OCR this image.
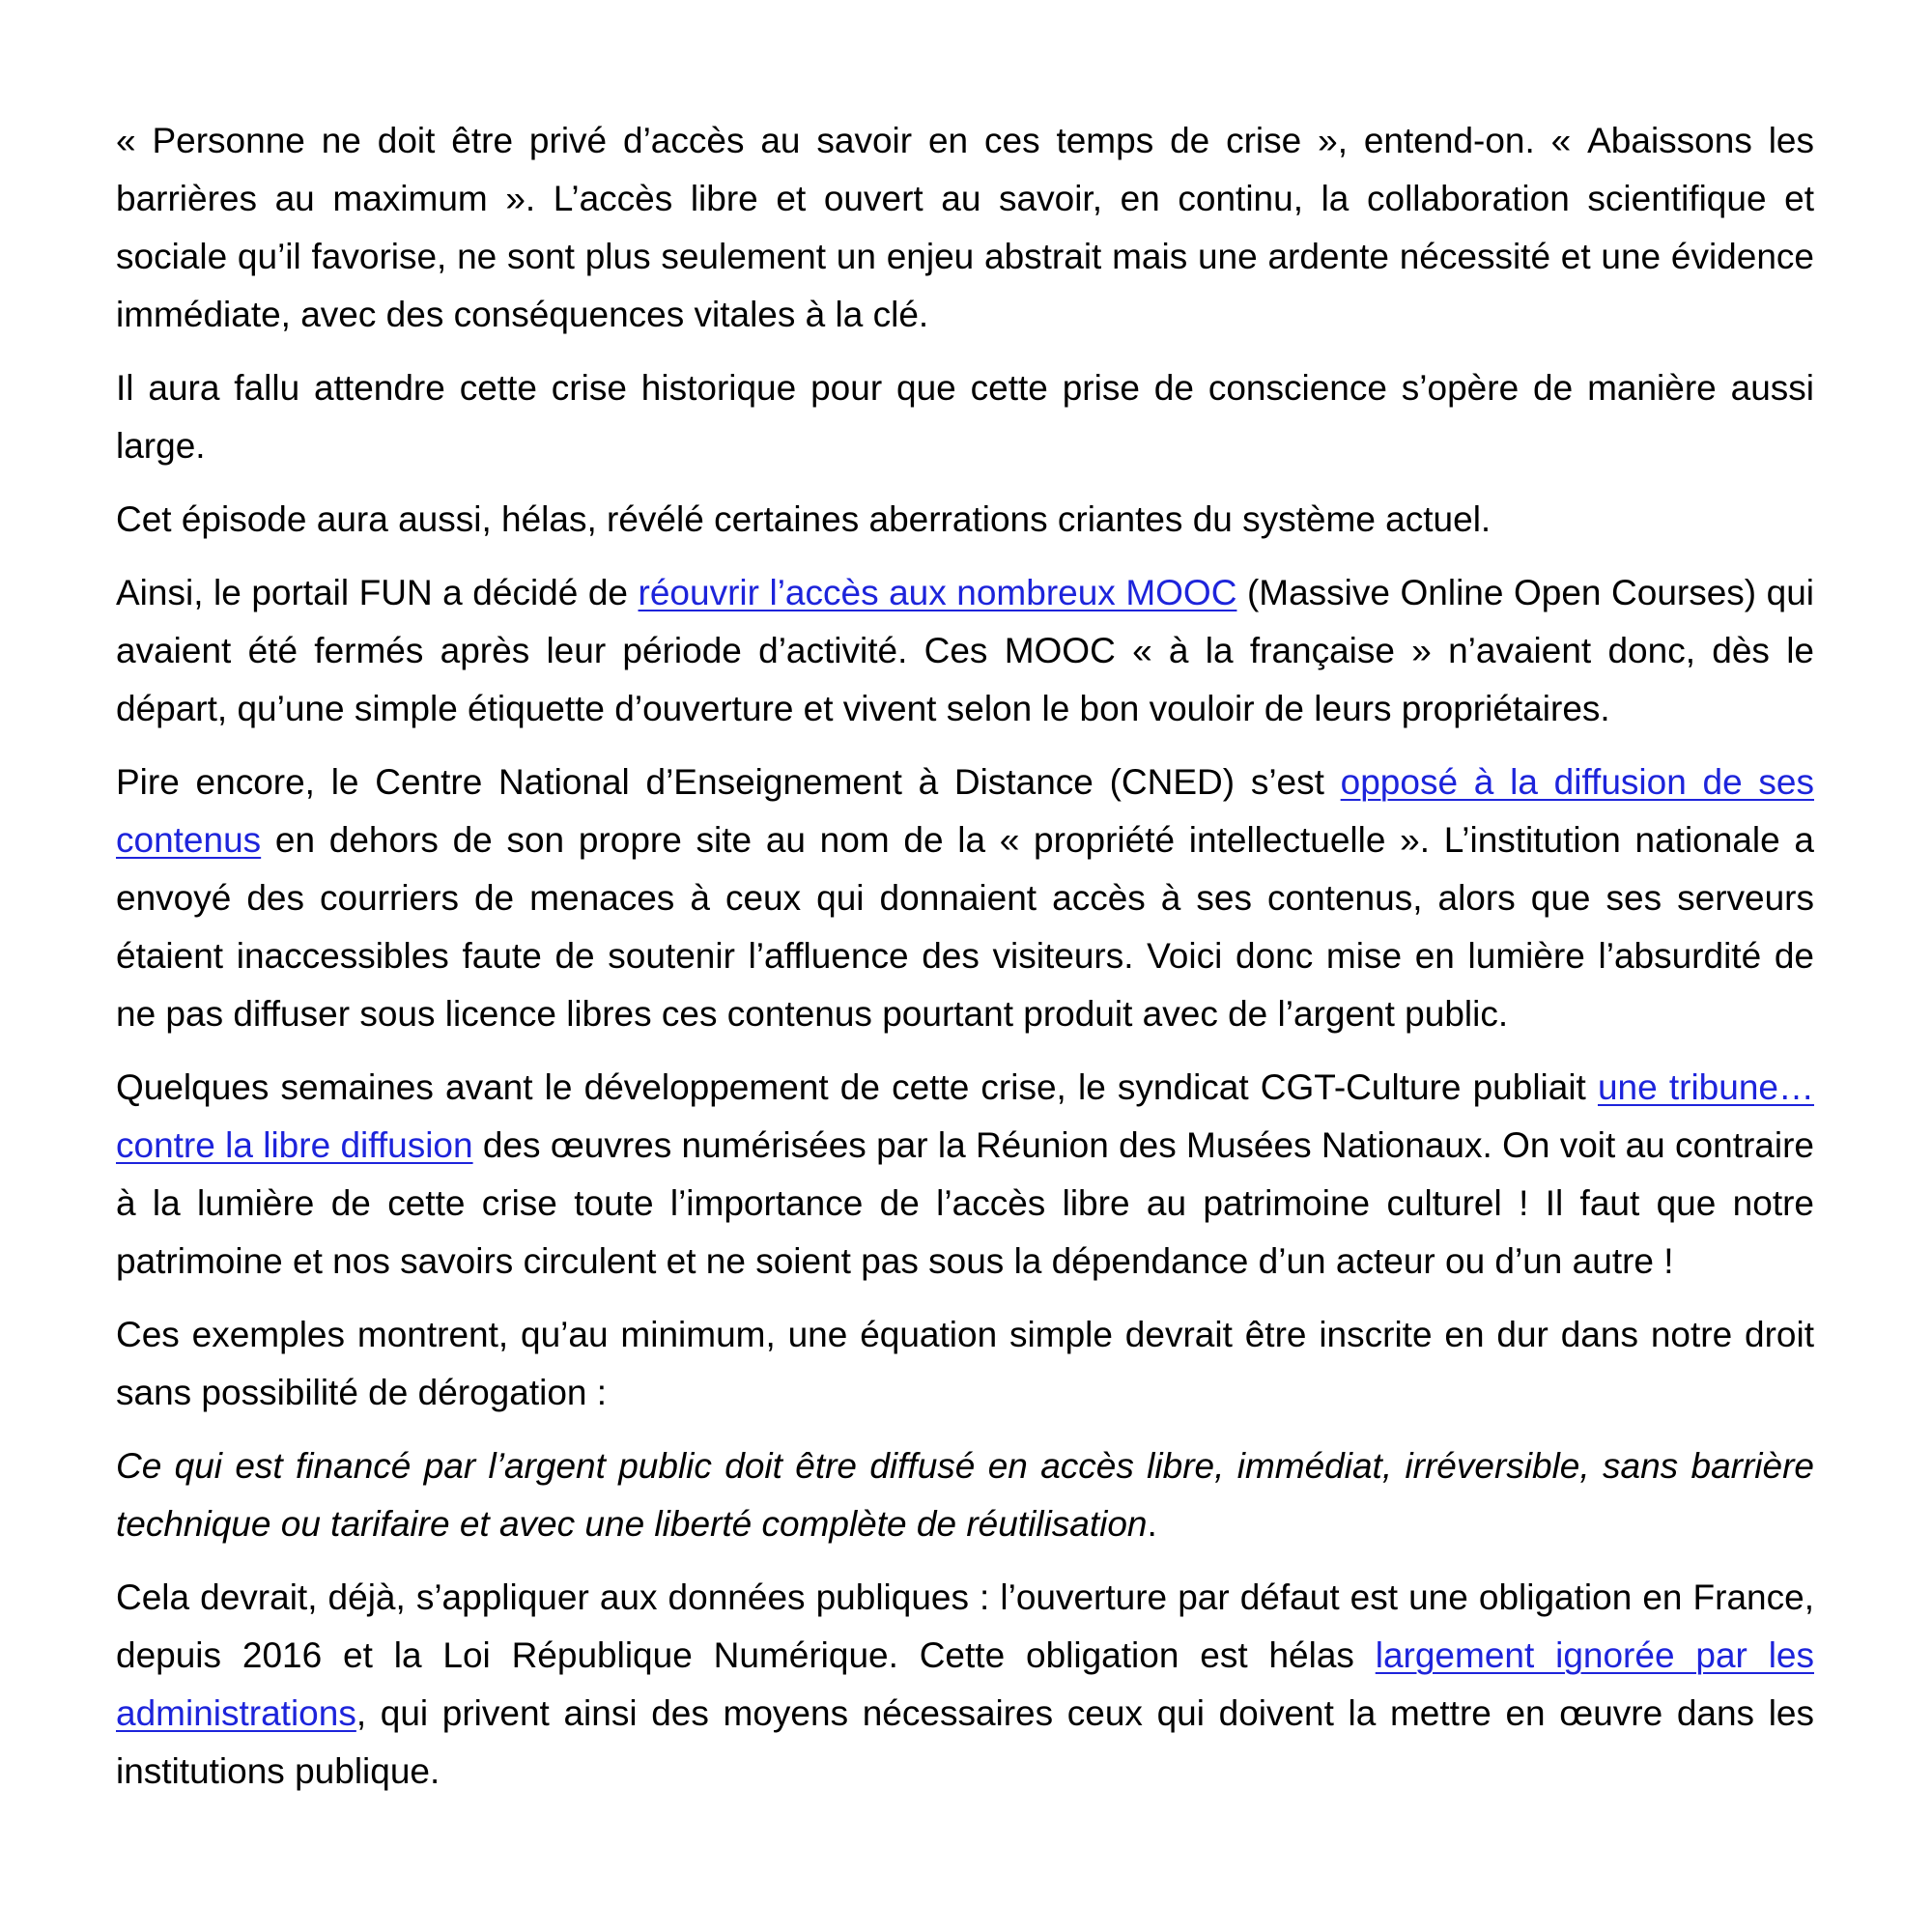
« Personne ne doit être privé d’accès au savoir en ces temps de crise », entend-on. « Abaissons les barrières au maximum ». L’accès libre et ouvert au savoir, en continu, la collaboration scientifique et sociale qu’il favorise, ne sont plus seulement un enjeu abstrait mais une ardente nécessité et une évidence immédiate, avec des conséquences vitales à la clé.

Il aura fallu attendre cette crise historique pour que cette prise de conscience s’opère de manière aussi large.

Cet épisode aura aussi, hélas, révélé certaines aberrations criantes du système actuel.

Ainsi, le portail FUN a décidé de réouvrir l’accès aux nombreux MOOC (Massive Online Open Courses) qui avaient été fermés après leur période d’activité. Ces MOOC « à la française » n’avaient donc, dès le départ, qu’une simple étiquette d’ouverture et vivent selon le bon vouloir de leurs propriétaires.

Pire encore, le Centre National d’Enseignement à Distance (CNED) s’est opposé à la diffusion de ses contenus en dehors de son propre site au nom de la « propriété intellectuelle ». L’institution nationale a envoyé des courriers de menaces à ceux qui donnaient accès à ses contenus, alors que ses serveurs étaient inaccessibles faute de soutenir l’affluence des visiteurs. Voici donc mise en lumière l’absurdité de ne pas diffuser sous licence libres ces contenus pourtant produit avec de l’argent public.

Quelques semaines avant le développement de cette crise, le syndicat CGT-Culture publiait une tribune… contre la libre diffusion des œuvres numérisées par la Réunion des Musées Nationaux. On voit au contraire à la lumière de cette crise toute l’importance de l’accès libre au patrimoine culturel ! Il faut que notre patrimoine et nos savoirs circulent et ne soient pas sous la dépendance d’un acteur ou d’un autre !

Ces exemples montrent, qu’au minimum, une équation simple devrait être inscrite en dur dans notre droit sans possibilité de dérogation :

Ce qui est financé par l’argent public doit être diffusé en accès libre, immédiat, irréversible, sans barrière technique ou tarifaire et avec une liberté complète de réutilisation.

Cela devrait, déjà, s’appliquer aux données publiques : l’ouverture par défaut est une obligation en France, depuis 2016 et la Loi République Numérique. Cette obligation est hélas largement ignorée par les administrations, qui privent ainsi des moyens nécessaires ceux qui doivent la mettre en œuvre dans les institutions publique.
